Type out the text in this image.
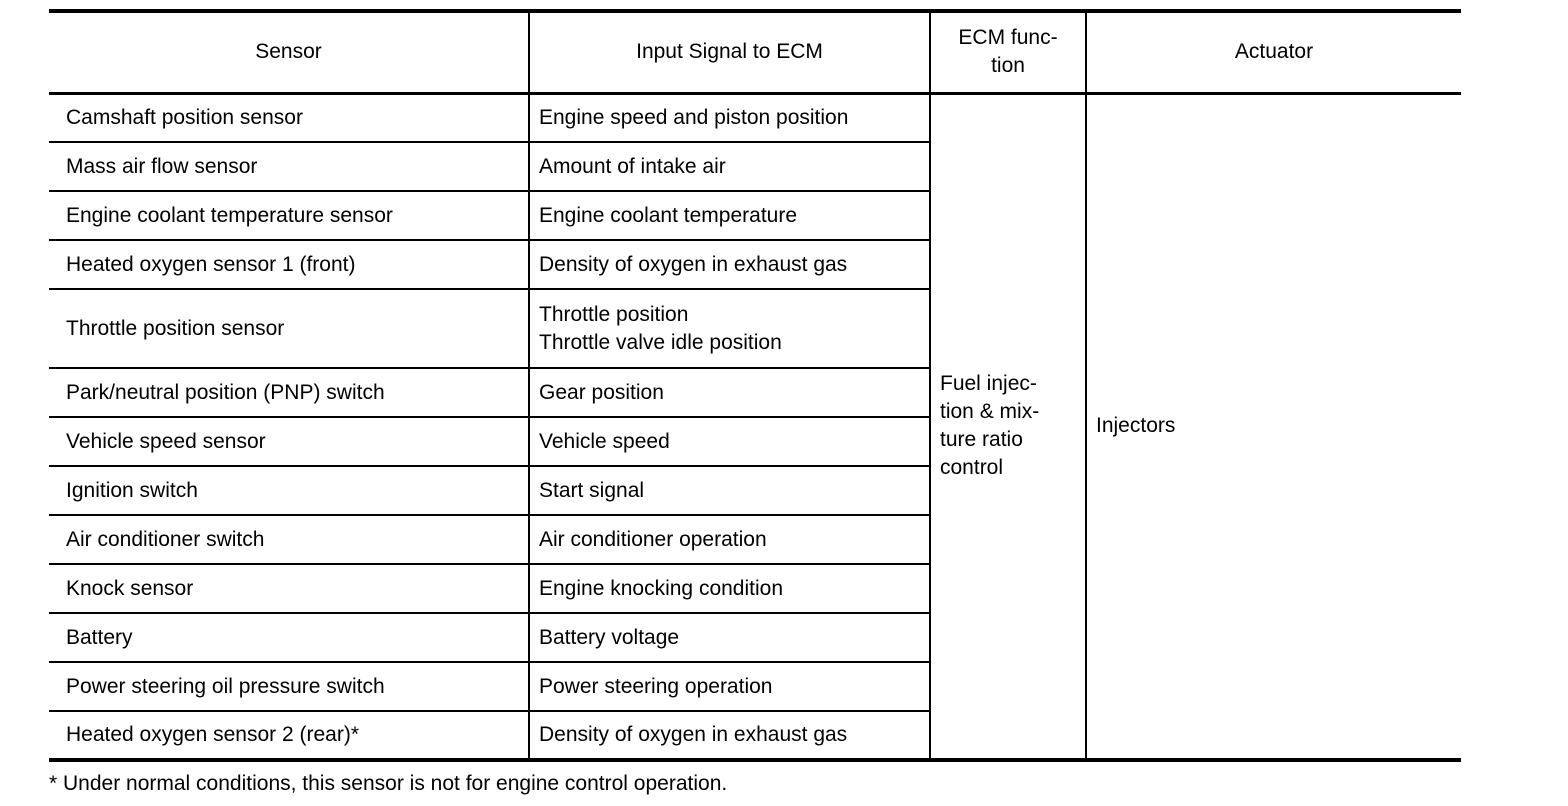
Sensor	Input Signal to ECM	ECM func-
tion	Actuator
Camshaft position sensor	Engine speed and piston position	Fuel injec-
tion & mix-
ture ratio
control	Injectors
Mass air flow sensor	Amount of intake air		
Engine coolant temperature sensor	Engine coolant temperature		
Heated oxygen sensor 1 (front)	Density of oxygen in exhaust gas		
Throttle position sensor	Throttle position
Throttle valve idle position		

Park/neutral position (PNP) switch	Gear position		
Vehicle speed sensor	Vehicle speed		
Ignition switch	Start signal		
Air conditioner switch	Air conditioner operation		
Knock sensor	Engine knocking condition		
Battery	Battery voltage		
Power steering oil pressure switch	Power steering operation		
Heated oxygen sensor 2 (rear)*	Density of oxygen in exhaust gas		
* Under normal conditions, this sensor is not for engine control operation.
